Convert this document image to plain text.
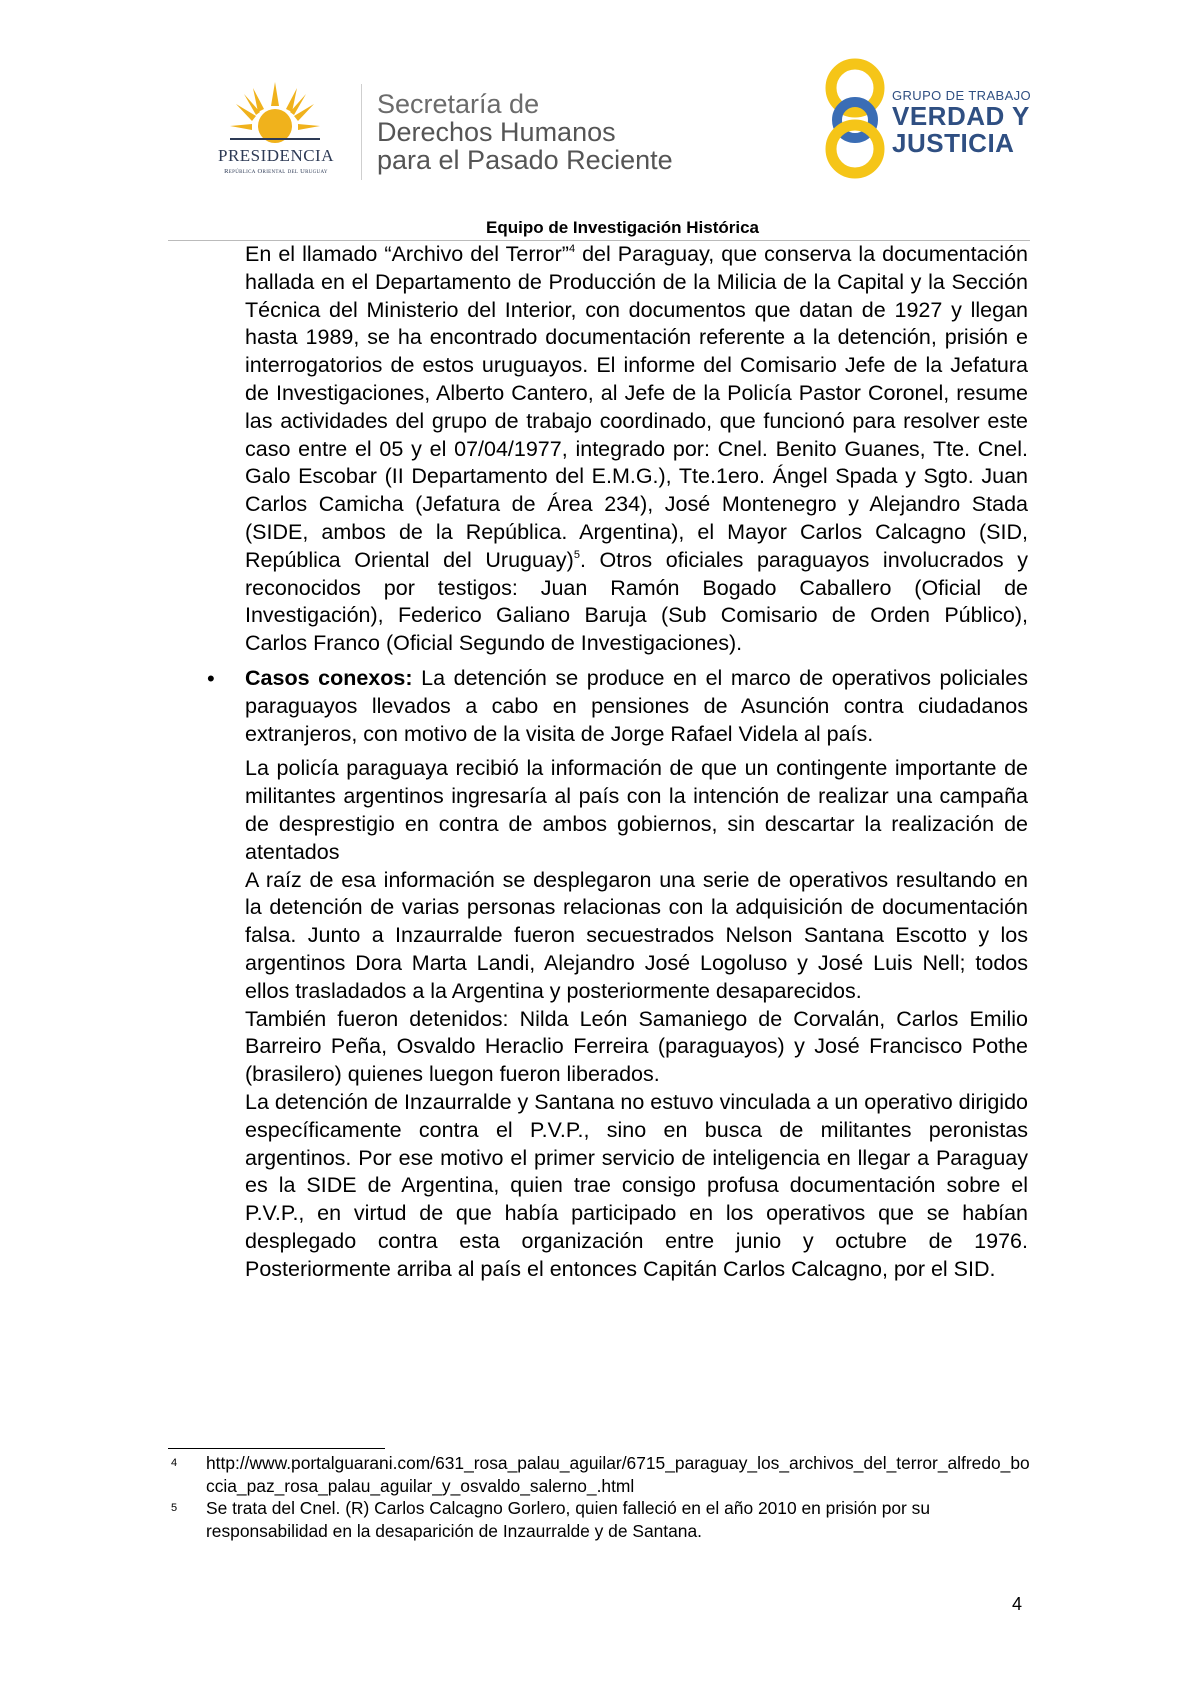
PRESIDENCIA
República Oriental del Uruguay
Secretaría de
Derechos Humanos
para el Pasado Reciente
GRUPO DE TRABAJO
VERDAD Y
JUSTICIA
Equipo de Investigación Histórica

En el llamado “Archivo del Terror”$^4$ del Paraguay, que conserva la documentación hallada en el Departamento de Producción de la Milicia de la Capital y la Sección Técnica del Ministerio del Interior, con documentos que datan de 1927 y llegan hasta 1989, se ha encontrado documentación referente a la detención, prisión e interrogatorios de estos uruguayos. El informe del Comisario Jefe de la Jefatura de Investigaciones, Alberto Cantero, al Jefe de la Policía Pastor Coronel, resume las actividades del grupo de trabajo coordinado, que funcionó para resolver este caso entre el 05 y el 07/04/1977, integrado por: Cnel. Benito Guanes, Tte. Cnel. Galo Escobar (II Departamento del E.M.G.), Tte.1ero. Ángel Spada y Sgto. Juan Carlos Camicha (Jefatura de Área 234), José Montenegro y Alejandro Stada (SIDE, ambos de la República. Argentina), el Mayor Carlos Calcagno (SID, República Oriental del Uruguay)$^5$. Otros oficiales paraguayos involucrados y reconocidos por testigos: Juan Ramón Bogado Caballero (Oficial de Investigación), Federico Galiano Baruja (Sub Comisario de Orden Público), Carlos Franco (Oficial Segundo de Investigaciones).

• Casos conexos: La detención se produce en el marco de operativos policiales paraguayos llevados a cabo en pensiones de Asunción contra ciudadanos extranjeros, con motivo de la visita de Jorge Rafael Videla al país.

La policía paraguaya recibió la información de que un contingente importante de militantes argentinos ingresaría al país con la intención de realizar una campaña de desprestigio en contra de ambos gobiernos, sin descartar la realización de atentados

A raíz de esa información se desplegaron una serie de operativos resultando en la detención de varias personas relacionas con la adquisición de documentación falsa. Junto a Inzaurralde fueron secuestrados Nelson Santana Escotto y los argentinos Dora Marta Landi, Alejandro José Logoluso y José Luis Nell; todos ellos trasladados a la Argentina y posteriormente desaparecidos.

También fueron detenidos: Nilda León Samaniego de Corvalán, Carlos Emilio Barreiro Peña, Osvaldo Heraclio Ferreira (paraguayos) y José Francisco Pothe (brasilero) quienes luegon fueron liberados.

La detención de Inzaurralde y Santana no estuvo vinculada a un operativo dirigido específicamente contra el P.V.P., sino en busca de militantes peronistas argentinos. Por ese motivo el primer servicio de inteligencia en llegar a Paraguay es la SIDE de Argentina, quien trae consigo profusa documentación sobre el P.V.P., en virtud de que había participado en los operativos que se habían desplegado contra esta organización entre junio y octubre de 1976. Posteriormente arriba al país el entonces Capitán Carlos Calcagno, por el SID.

4 http://www.portalguarani.com/631_rosa_palau_aguilar/6715_paraguay_los_archivos_del_terror_alfredo_boccia_paz_rosa_palau_aguilar_y_osvaldo_salerno_.html
5 Se trata del Cnel. (R) Carlos Calcagno Gorlero, quien falleció en el año 2010 en prisión por su responsabilidad en la desaparición de Inzaurralde y de Santana.
4
